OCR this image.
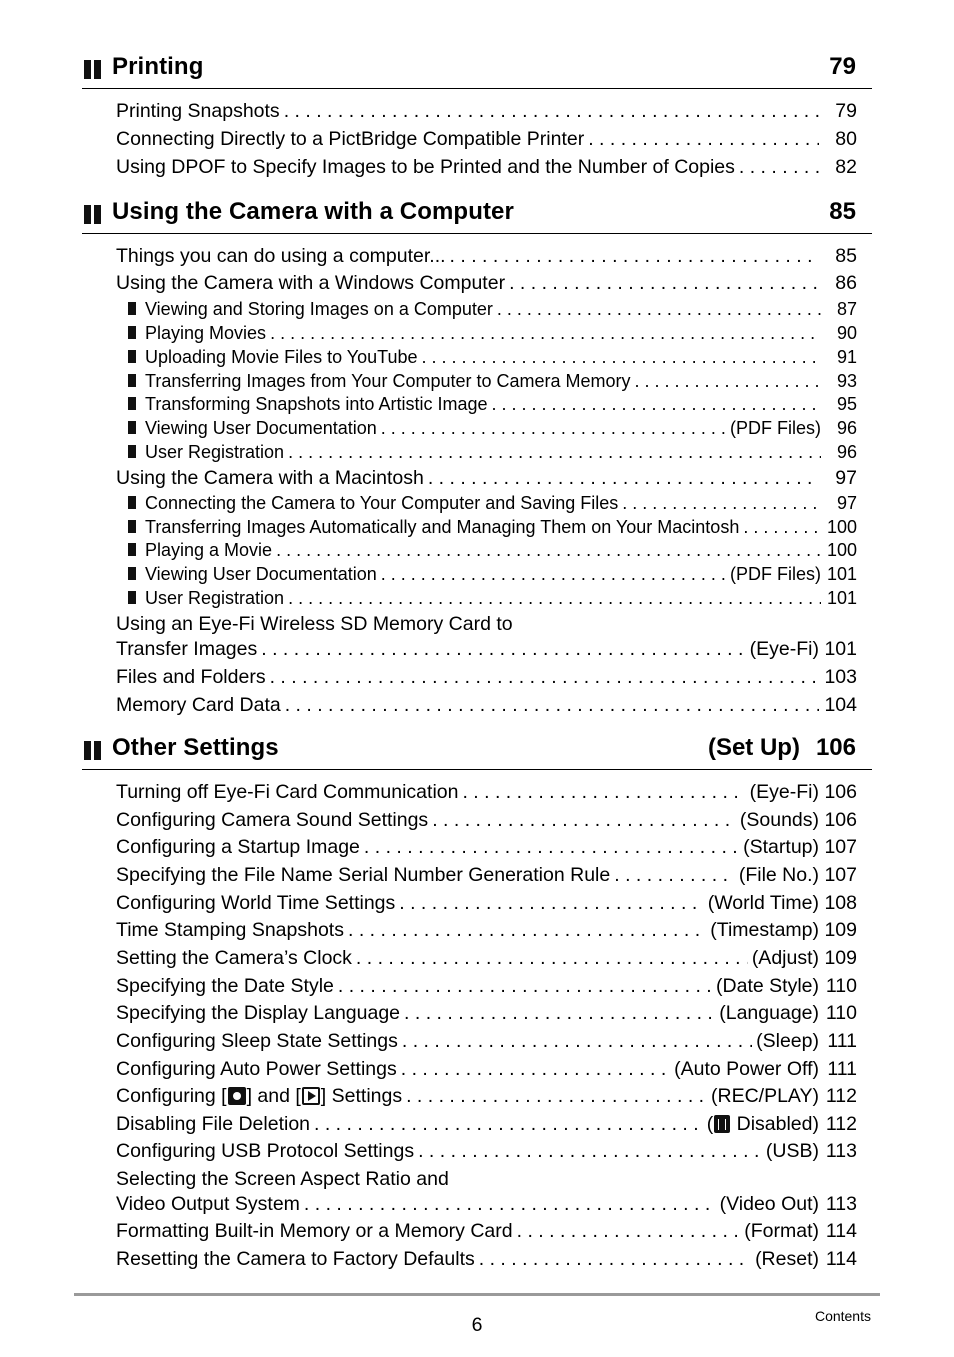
Printing	79
Printing Snapshots . . .	79
Connecting Directly to a PictBridge Compatible Printer . . .	80
Using DPOF to Specify Images to be Printed and the Number of Copies . . .	82
Using the Camera with a Computer	85
Things you can do using a computer... . . .	85
Using the Camera with a Windows Computer . . .	86
Viewing and Storing Images on a Computer . . .	87
Playing Movies . . .	90
Uploading Movie Files to YouTube . . .	91
Transferring Images from Your Computer to Camera Memory . . .	93
Transforming Snapshots into Artistic Image . . .	95
Viewing User Documentation . . .	(PDF Files) 96
User Registration . . .	96
Using the Camera with a Macintosh . . .	97
Connecting the Camera to Your Computer and Saving Files . . .	97
Transferring Images Automatically and Managing Them on Your Macintosh . . .	100
Playing a Movie . . .	100
Viewing User Documentation . . .	(PDF Files) 101
User Registration . . .	101
Using an Eye-Fi Wireless SD Memory Card to
Transfer Images . . .	(Eye-Fi) 101
Files and Folders . . .	103
Memory Card Data . . .	104
Other Settings	(Set Up) 106
Turning off Eye-Fi Card Communication . . .	(Eye-Fi) 106
Configuring Camera Sound Settings . . .	(Sounds) 106
Configuring a Startup Image . . .	(Startup) 107
Specifying the File Name Serial Number Generation Rule . . .	(File No.) 107
Configuring World Time Settings . . .	(World Time) 108
Time Stamping Snapshots . . .	(Timestamp) 109
Setting the Camera’s Clock . . .	(Adjust) 109
Specifying the Date Style . . .	(Date Style) 110
Specifying the Display Language . . .	(Language) 110
Configuring Sleep State Settings . . .	(Sleep) 111
Configuring Auto Power Settings . . .	(Auto Power Off) 111
Configuring [ ] and [ ] Settings . . .	(REC/PLAY) 112
Disabling File Deletion . . .	( Disabled) 112
Configuring USB Protocol Settings . . .	(USB) 113
Selecting the Screen Aspect Ratio and
Video Output System . . .	(Video Out) 113
Formatting Built-in Memory or a Memory Card . . .	(Format) 114
Resetting the Camera to Factory Defaults . . .	(Reset) 114
6	Contents
